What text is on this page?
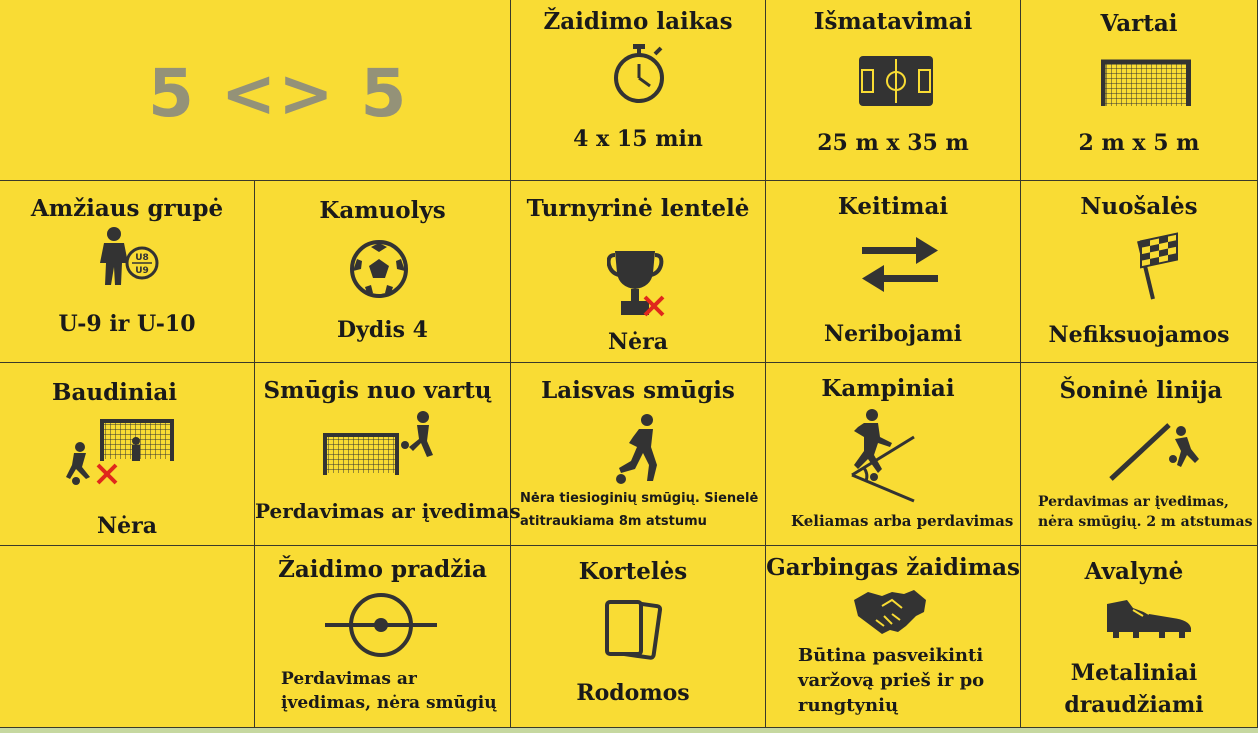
5 <> 5
Žaidimo laikas
4 x 15 min
Išmatavimai
25 m x 35 m
Vartai
2 m x 5 m
Amžiaus grupė
U8
U9
U-9 ir U-10
Kamuolys
Dydis 4
Turnyrinė lentelė
Nėra
Keitimai
Neribojami
Nuošalės
Nefiksuojamos
Baudiniai
Nėra
Smūgis nuo vartų
Perdavimas ar įvedimas
Laisvas smūgis
Nėra tiesioginių smūgių. Sienelė
atitraukiama 8m atstumu
Kampiniai
Keliamas arba perdavimas
Šoninė linija
Perdavimas ar įvedimas,
nėra smūgių. 2 m atstumas
Žaidimo pradžia
Perdavimas ar
įvedimas, nėra smūgių
Kortelės
Rodomos
Garbingas žaidimas
Būtina pasveikinti
varžovą prieš ir po
rungtynių
Avalynė
Metaliniai
draudžiami
